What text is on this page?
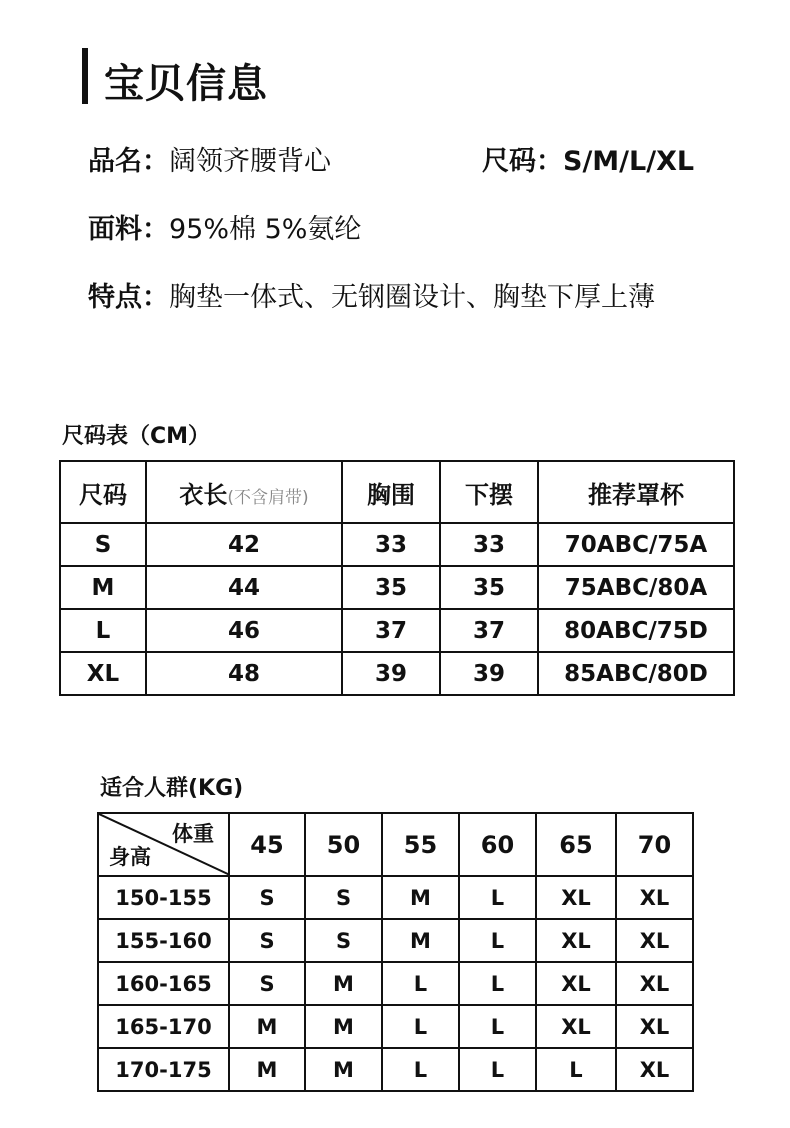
宝贝信息
品名：阔领齐腰背心	尺码：S/M/L/XL
面料：95%棉 5%氨纶
特点：胸垫一体式、无钢圈设计、胸垫下厚上薄
尺码表（CM）
尺码	衣长(不含肩带)	胸围	下摆	推荐罩杯
S	42	33	33	70ABC/75A
M	44	35	35	75ABC/80A
L	46	37	37	80ABC/75D
XL	48	39	39	85ABC/80D
适合人群(KG)
体重
身高	45	50	55	60	65	70
150-155	S	S	M	L	XL	XL
155-160	S	S	M	L	XL	XL
160-165	S	M	L	L	XL	XL
165-170	M	M	L	L	XL	XL
170-175	M	M	L	L	L	XL
